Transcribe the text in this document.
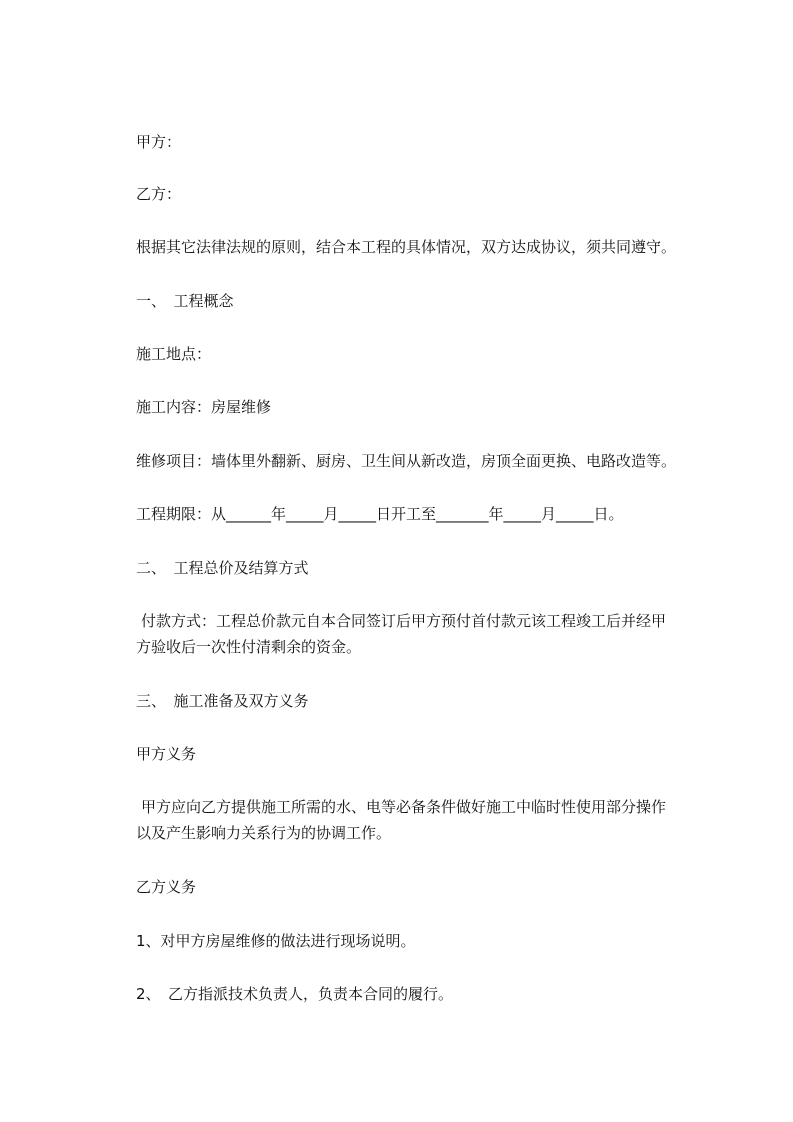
甲方：

乙方：

根据其它法律法规的原则，结合本工程的具体情况，双方达成协议，须共同遵守。

一、　工程概念

施工地点：

施工内容：房屋维修

维修项目：墙体里外翻新、厨房、卫生间从新改造，房顶全面更换、电路改造等。

工程期限：从______年_____月_____日开工至_______年_____月_____日。

二、　工程总价及结算方式

付款方式：工程总价款元自本合同签订后甲方预付首付款元该工程竣工后并经甲

方验收后一次性付清剩余的资金。

三、　施工准备及双方义务

甲方义务

甲方应向乙方提供施工所需的水、电等必备条件做好施工中临时性使用部分操作

以及产生影响力关系行为的协调工作。

乙方义务

1、对甲方房屋维修的做法进行现场说明。

2、　乙方指派技术负责人，负责本合同的履行。
